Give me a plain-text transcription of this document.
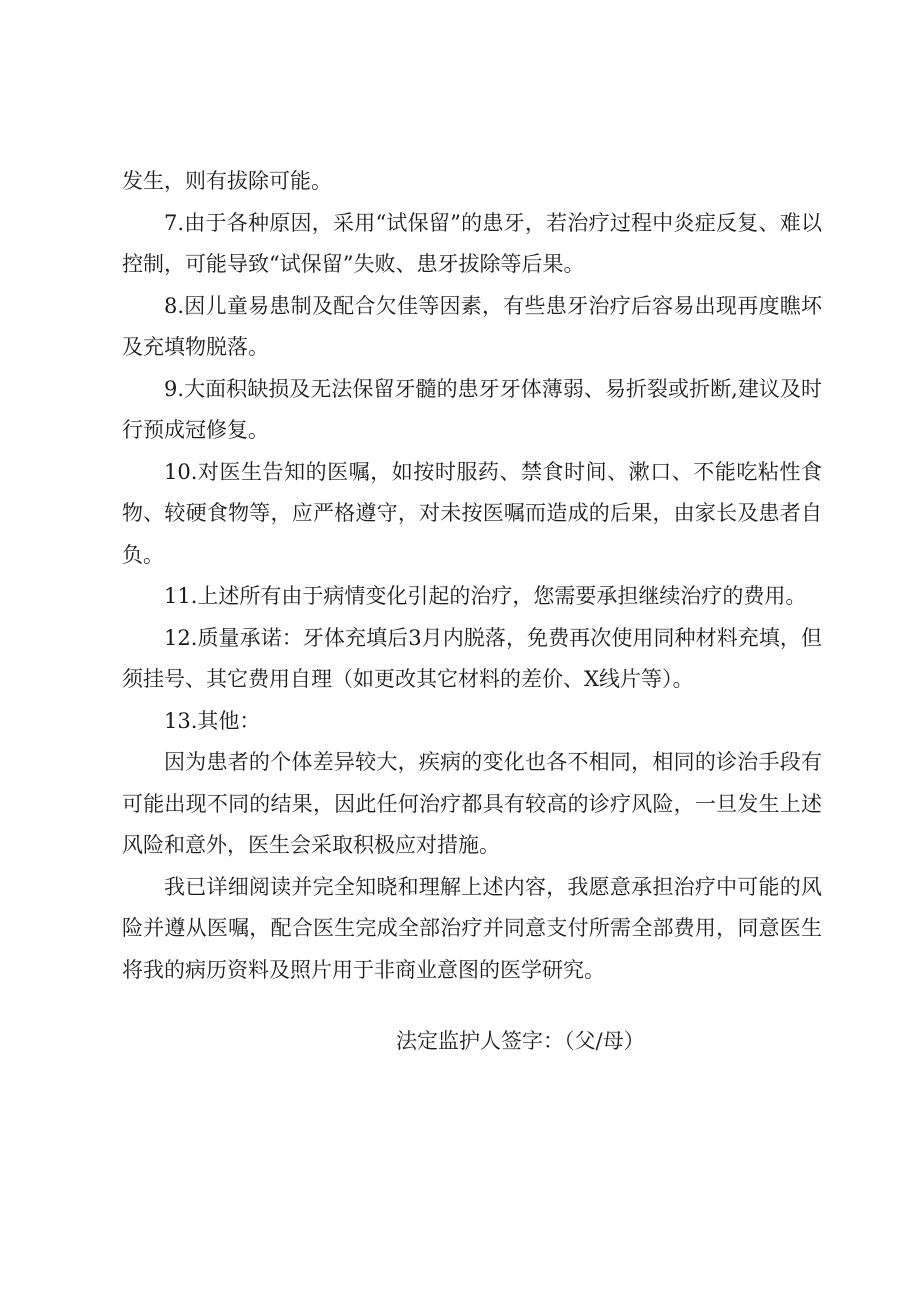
发生，则有拔除可能。

7.由于各种原因，采用“试保留”的患牙，若治疗过程中炎症反复、难以控制，可能导致“试保留”失败、患牙拔除等后果。

8.因儿童易患制及配合欠佳等因素，有些患牙治疗后容易出现再度瞧坏及充填物脱落。

9.大面积缺损及无法保留牙髓的患牙牙体薄弱、易折裂或折断,建议及时行预成冠修复。

10.对医生告知的医嘱，如按时服药、禁食时间、漱口、不能吃粘性食物、较硬食物等，应严格遵守，对未按医嘱而造成的后果，由家长及患者自负。

11.上述所有由于病情变化引起的治疗，您需要承担继续治疗的费用。

12.质量承诺：牙体充填后3月内脱落，免费再次使用同种材料充填，但须挂号、其它费用自理（如更改其它材料的差价、X线片等）。

13.其他：

因为患者的个体差异较大，疾病的变化也各不相同，相同的诊治手段有可能出现不同的结果，因此任何治疗都具有较高的诊疗风险，一旦发生上述风险和意外，医生会采取积极应对措施。

我已详细阅读并完全知晓和理解上述内容，我愿意承担治疗中可能的风险并遵从医嘱，配合医生完成全部治疗并同意支付所需全部费用，同意医生将我的病历资料及照片用于非商业意图的医学研究。

法定监护人签字：（父/母）
